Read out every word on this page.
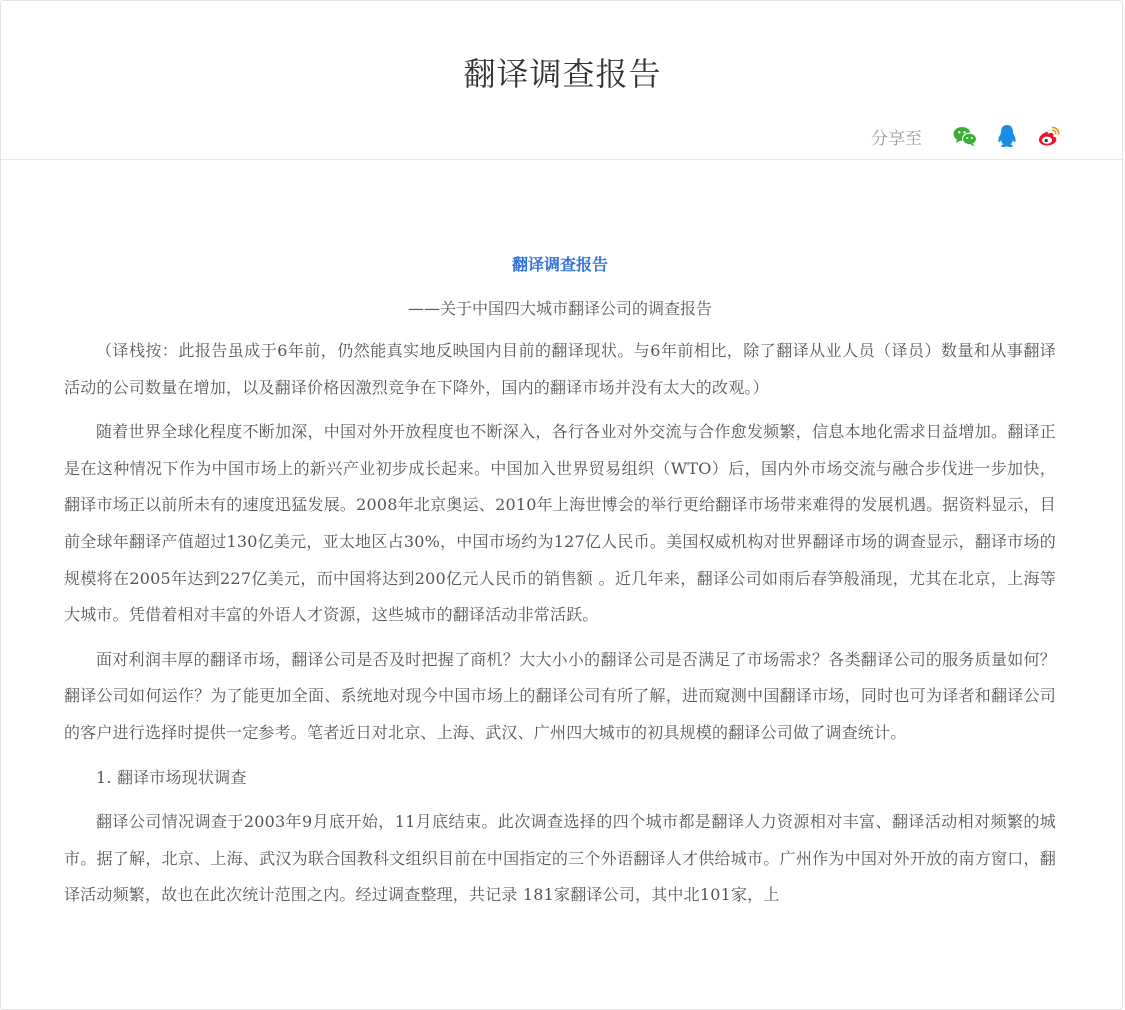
翻译调查报告
分享至

翻译调查报告

——关于中国四大城市翻译公司的调查报告

（译栈按：此报告虽成于6年前，仍然能真实地反映国内目前的翻译现状。与6年前相比，除了翻译从业人员（译员）数量和从事翻译活动的公司数量在增加，以及翻译价格因激烈竞争在下降外，国内的翻译市场并没有太大的改观。）

随着世界全球化程度不断加深，中国对外开放程度也不断深入，各行各业对外交流与合作愈发频繁，信息本地化需求日益增加。翻译正是在这种情况下作为中国市场上的新兴产业初步成长起来。中国加入世界贸易组织（WTO）后，国内外市场交流与融合步伐进一步加快，翻译市场正以前所未有的速度迅猛发展。2008年北京奥运、2010年上海世博会的举行更给翻译市场带来难得的发展机遇。据资料显示，目前全球年翻译产值超过130亿美元，亚太地区占30%，中国市场约为127亿人民币。美国权威机构对世界翻译市场的调查显示，翻译市场的规模将在2005年达到227亿美元，而中国将达到200亿元人民币的销售额 。近几年来，翻译公司如雨后春笋般涌现，尤其在北京，上海等大城市。凭借着相对丰富的外语人才资源，这些城市的翻译活动非常活跃。

面对利润丰厚的翻译市场，翻译公司是否及时把握了商机？大大小小的翻译公司是否满足了市场需求？各类翻译公司的服务质量如何？翻译公司如何运作？为了能更加全面、系统地对现今中国市场上的翻译公司有所了解，进而窥测中国翻译市场，同时也可为译者和翻译公司的客户进行选择时提供一定参考。笔者近日对北京、上海、武汉、广州四大城市的初具规模的翻译公司做了调查统计。

1. 翻译市场现状调查

翻译公司情况调查于2003年9月底开始，11月底结束。此次调查选择的四个城市都是翻译人力资源相对丰富、翻译活动相对频繁的城市。据了解，北京、上海、武汉为联合国教科文组织目前在中国指定的三个外语翻译人才供给城市。广州作为中国对外开放的南方窗口，翻译活动频繁，故也在此次统计范围之内。经过调查整理，共记录 181家翻译公司，其中北101家，上
